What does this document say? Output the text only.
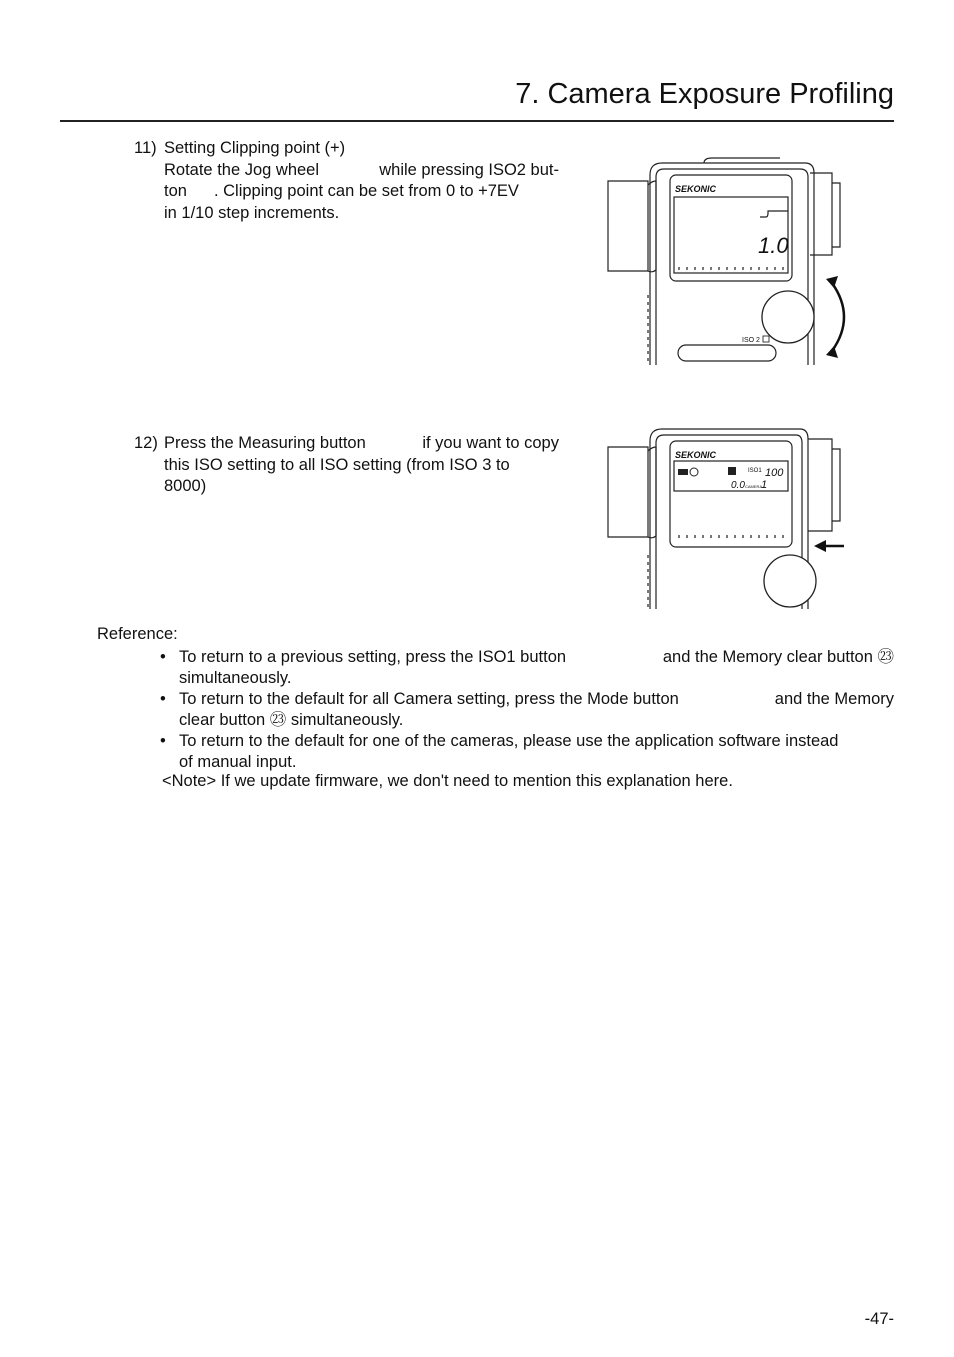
7. Camera Exposure Profiling
11) Setting Clipping point (+)
Rotate the Jog wheel	while pressing ISO2 but-
ton . Clipping point can be set from 0 to +7EV
in 1/10 step increments.
SEKONIC
1.0
ISO 2
12) Press the Measuring button	if you want to copy
this ISO setting to all ISO setting (from ISO 3 to
8000)
SEKONIC
ISO1 100
0.0 CAMERA
1
Reference:
• To return to a previous setting, press the ISO1 button	and the Memory clear button ㉓
simultaneously.
• To return to the default for all Camera setting, press the Mode button	and the Memory
clear button ㉓ simultaneously.
• To return to the default for one of the cameras, please use the application software instead
of manual input.
<Note> If we update firmware, we don't need to mention this explanation here.
-47-
